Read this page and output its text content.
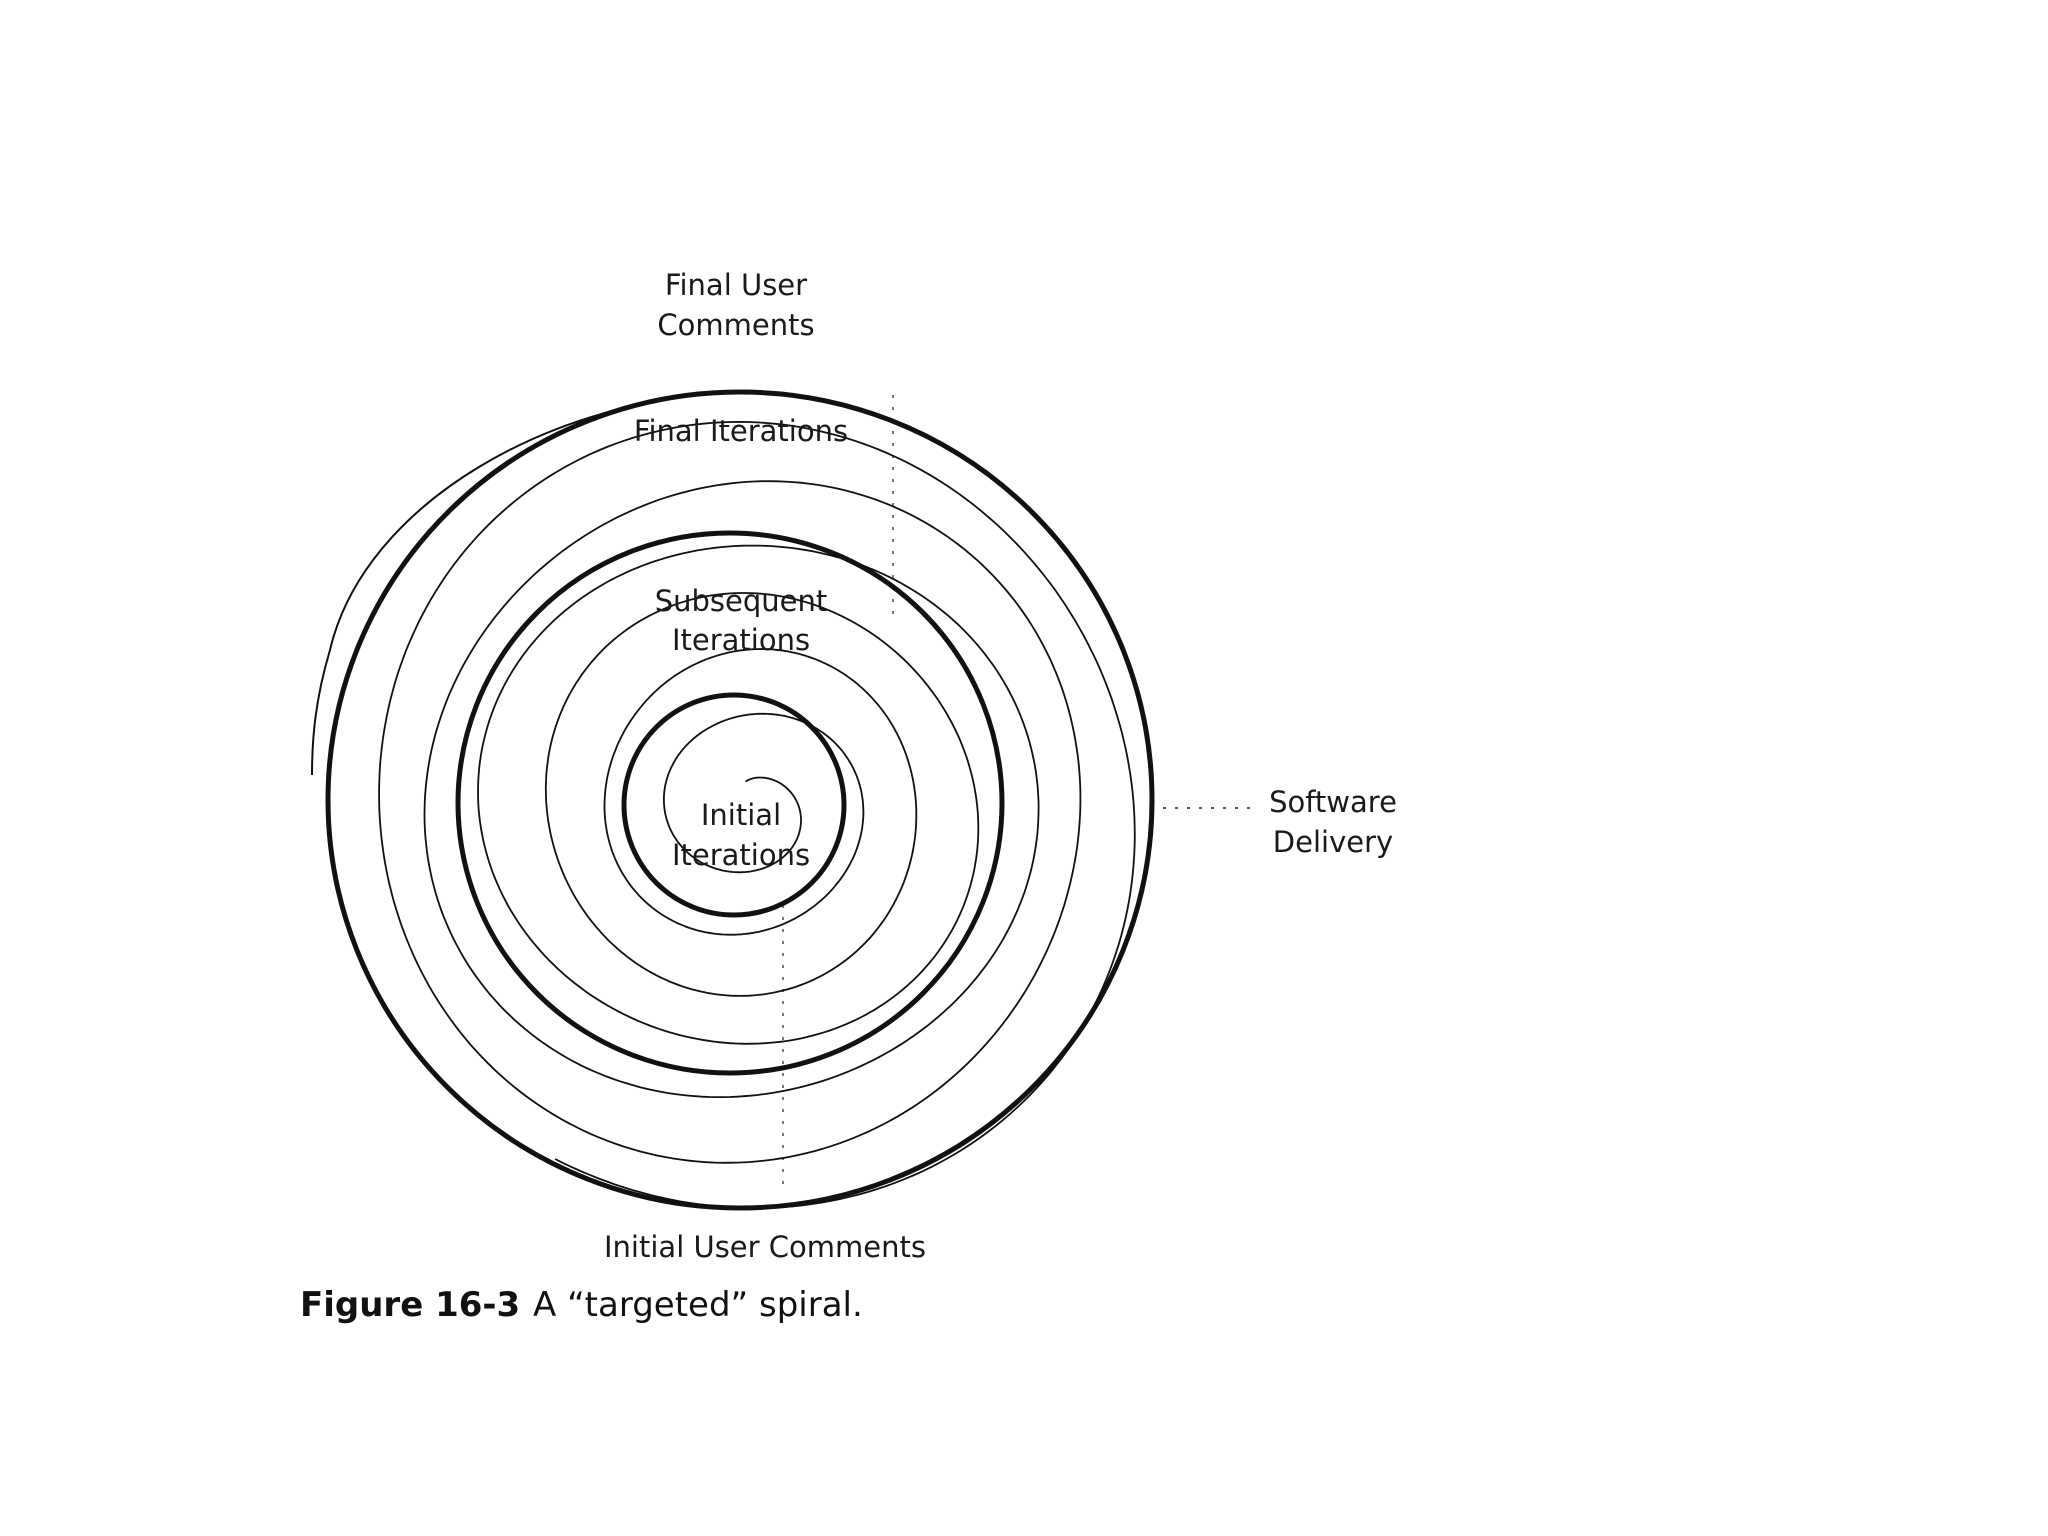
Final User
Comments
Final Iterations
Subsequent
Iterations
Initial
Iterations
Software
Delivery
Initial User Comments
Figure 16-3 A “targeted” spiral.
